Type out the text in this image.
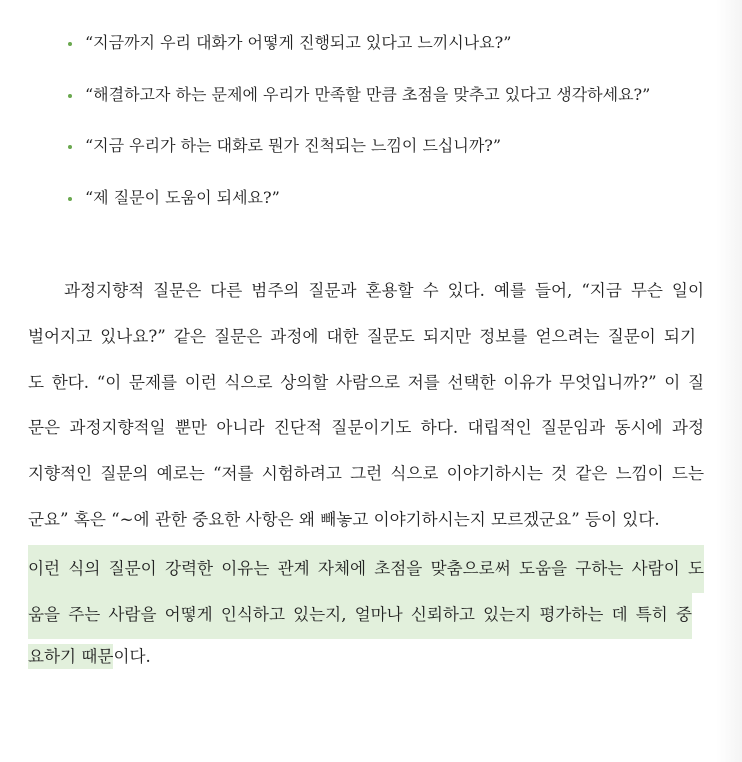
“지금까지 우리 대화가 어떻게 진행되고 있다고 느끼시나요?”
“해결하고자 하는 문제에 우리가 만족할 만큼 초점을 맞추고 있다고 생각하세요?”
“지금 우리가 하는 대화로 뭔가 진척되는 느낌이 드십니까?”
“제 질문이 도움이 되세요?”
과정지향적 질문은 다른 범주의 질문과 혼용할 수 있다. 예를 들어, “지금 무슨 일이
벌어지고 있나요?” 같은 질문은 과정에 대한 질문도 되지만 정보를 얻으려는 질문이 되기
도 한다. “이 문제를 이런 식으로 상의할 사람으로 저를 선택한 이유가 무엇입니까?” 이 질
문은 과정지향적일 뿐만 아니라 진단적 질문이기도 하다. 대립적인 질문임과 동시에 과정
지향적인 질문의 예로는 “저를 시험하려고 그런 식으로 이야기하시는 것 같은 느낌이 드는
군요” 혹은 “~에 관한 중요한 사항은 왜 빼놓고 이야기하시는지 모르겠군요” 등이 있다.
이런 식의 질문이 강력한 이유는 관계 자체에 초점을 맞춤으로써 도움을 구하는 사람이 도
움을 주는 사람을 어떻게 인식하고 있는지, 얼마나 신뢰하고 있는지 평가하는 데 특히 중
요하기 때문이다.
